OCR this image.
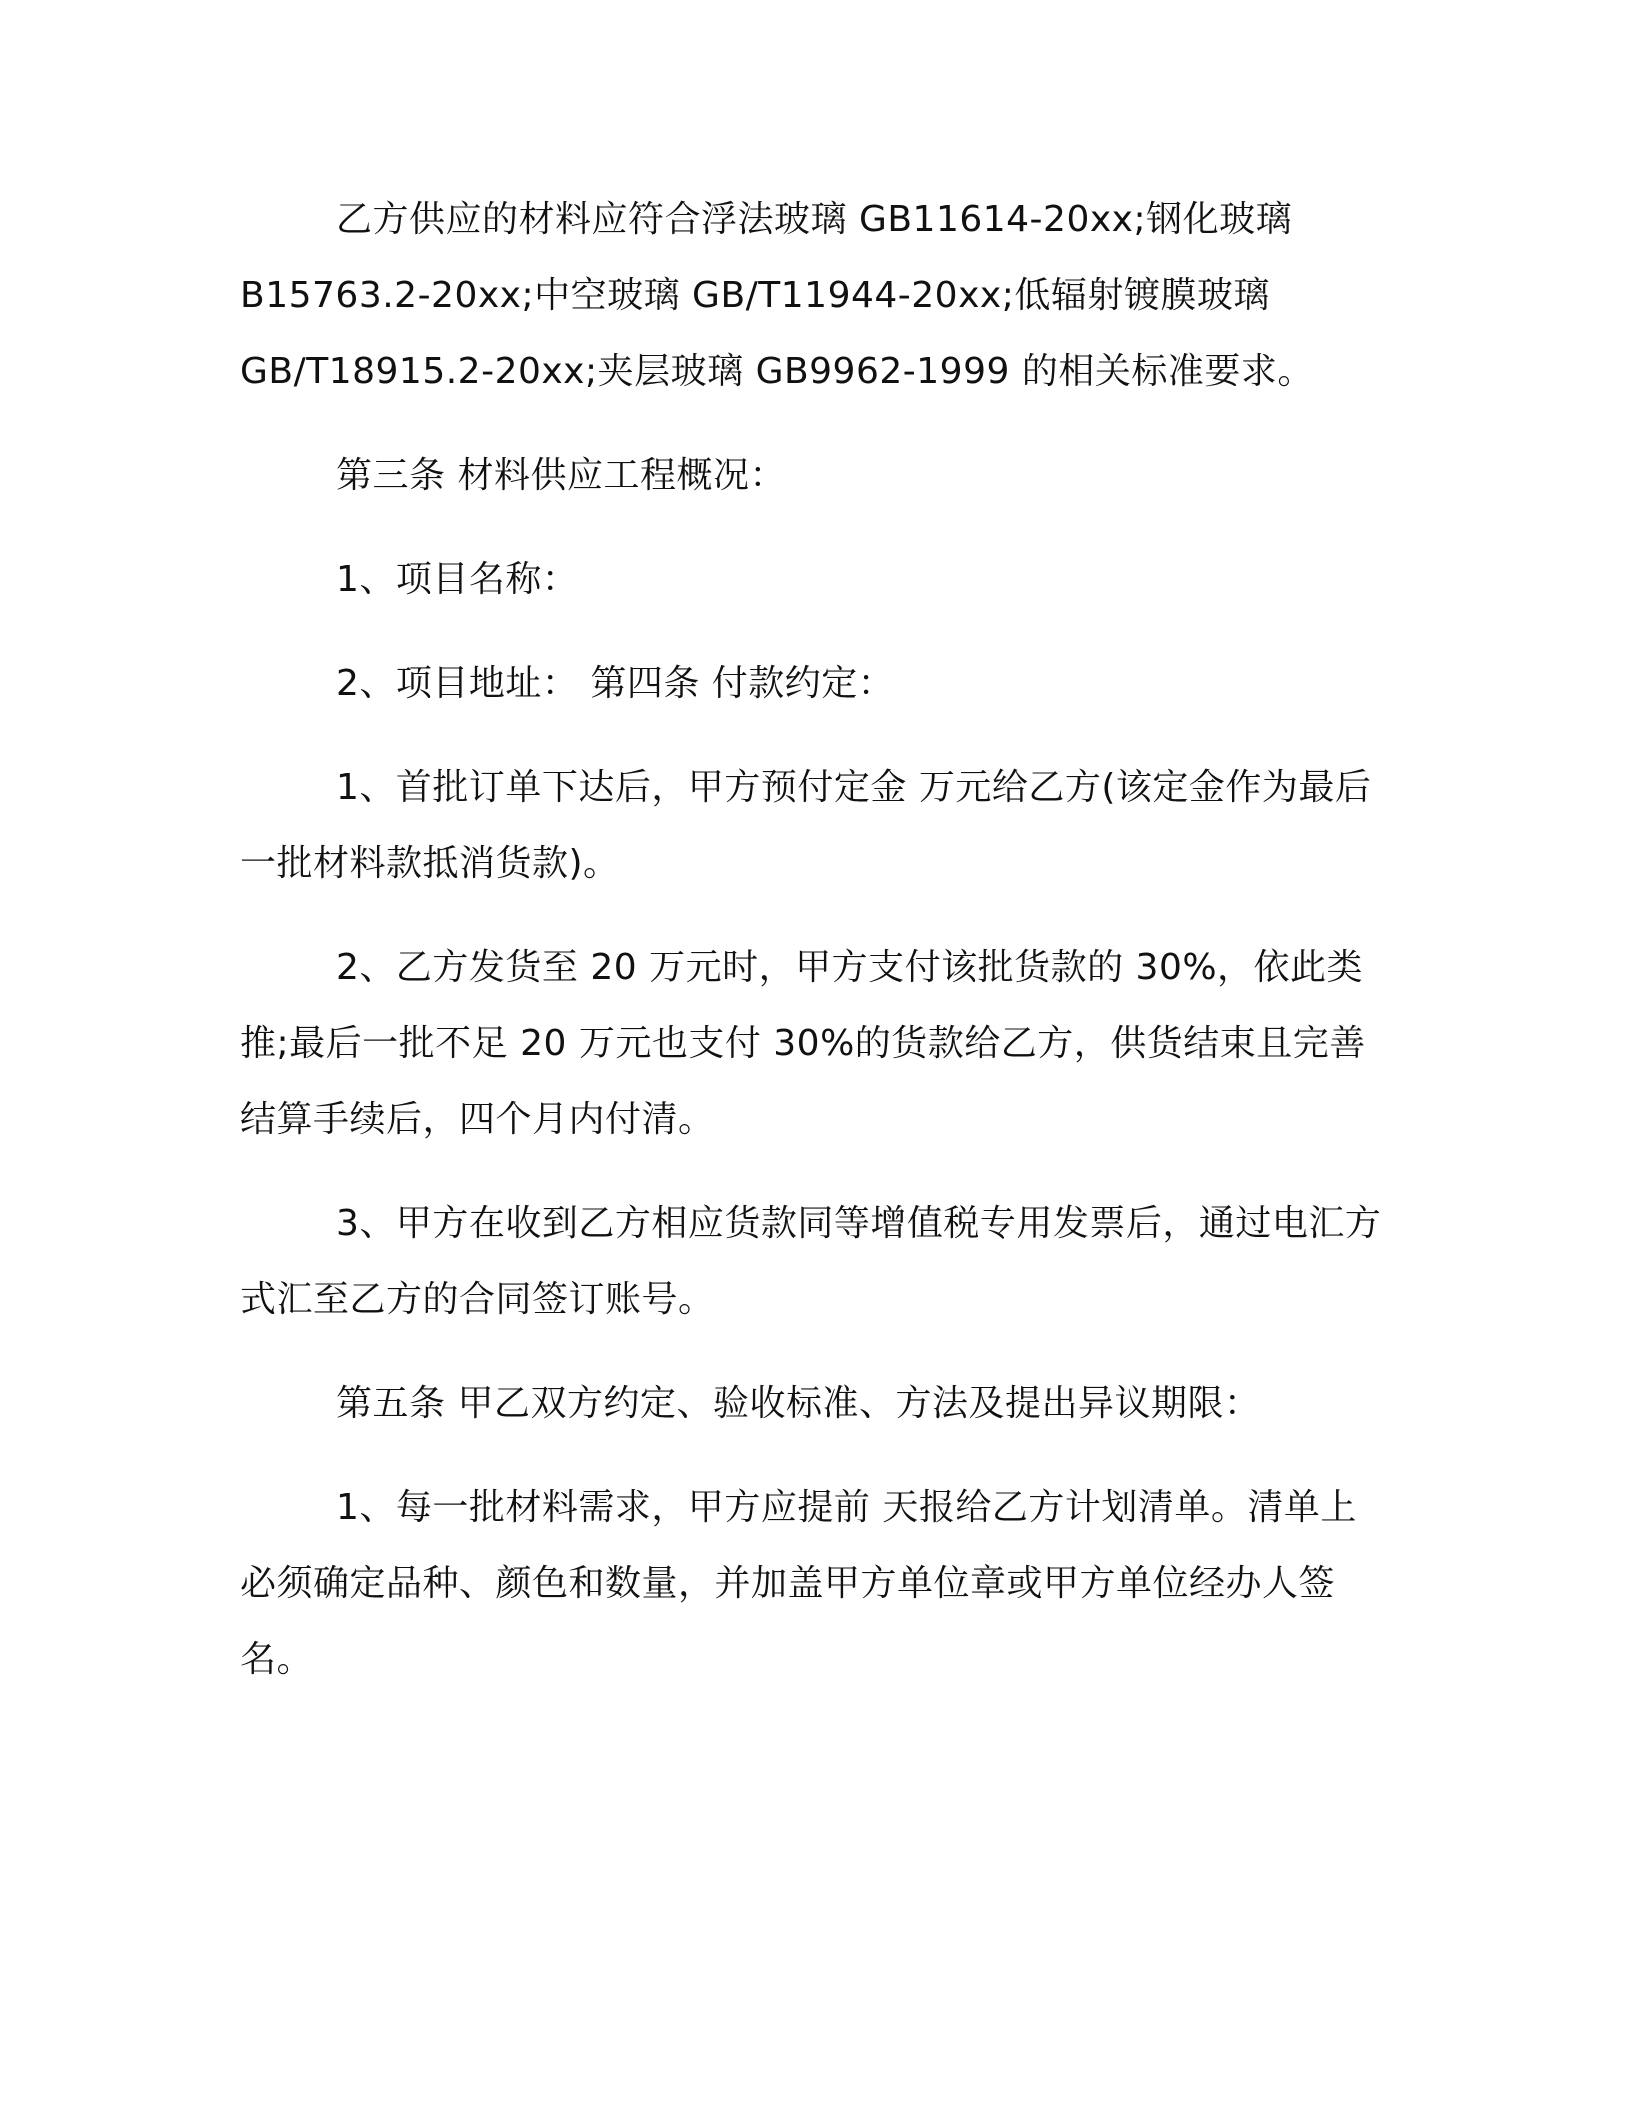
乙方供应的材料应符合浮法玻璃 GB11614-20xx;钢化玻璃 B15763.2-20xx;中空玻璃 GB/T11944-20xx;低辐射镀膜玻璃 GB/T18915.2-20xx;夹层玻璃 GB9962-1999 的相关标准要求。

第三条 材料供应工程概况：

1、项目名称：

2、项目地址： 第四条 付款约定：

1、首批订单下达后，甲方预付定金 万元给乙方(该定金作为最后一批材料款抵消货款)。

2、乙方发货至 20 万元时，甲方支付该批货款的 30%，依此类推;最后一批不足 20 万元也支付 30%的货款给乙方，供货结束且完善结算手续后，四个月内付清。

3、甲方在收到乙方相应货款同等增值税专用发票后，通过电汇方式汇至乙方的合同签订账号。

第五条 甲乙双方约定、验收标准、方法及提出异议期限：

1、每一批材料需求，甲方应提前 天报给乙方计划清单。清单上必须确定品种、颜色和数量，并加盖甲方单位章或甲方单位经办人签名。
